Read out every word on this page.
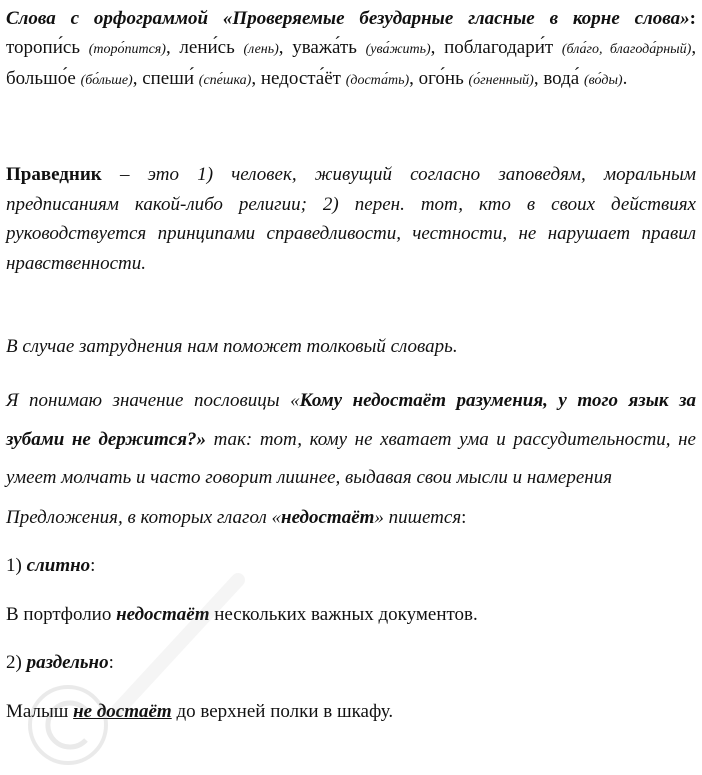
Слова с орфограммой «Проверяемые безударные гласные в корне слова»: торопи́сь (торо́пится), лени́сь (лень), уважа́ть (ува́жить), поблагодари́т (бла́го, благода́рный), большо́е (бо́льше), спеши́ (спе́шка), недоста́ёт (доста́ть), ого́нь (о́гненный), вода́ (во́ды).

Праведник – это 1) человек, живущий согласно заповедям, моральным предписаниям какой-либо религии; 2) перен. тот, кто в своих действиях руководствуется принципами справедливости, честности, не нарушает правил нравственности.

В случае затруднения нам поможет толковый словарь.

Я понимаю значение пословицы «Кому недостаёт разумения, у того язык за зубами не держится?» так: тот, кому не хватает ума и рассудительности, не умеет молчать и часто говорит лишнее, выдавая свои мысли и намерения

Предложения, в которых глагол «недостаёт» пишется:

1) слитно:

В портфолио недостаёт нескольких важных документов.

2) раздельно:

Малыш не достаёт до верхней полки в шкафу.
